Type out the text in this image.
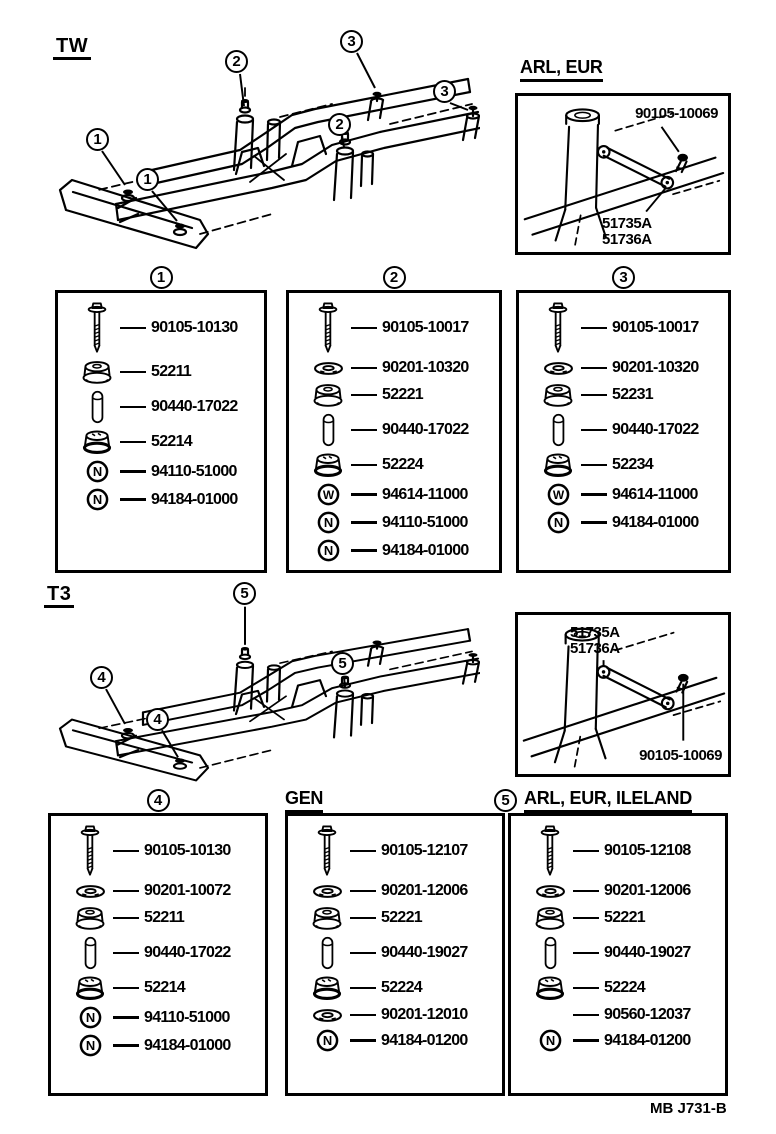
TW
1
1
2
2
3
3
ARL, EUR
90105-10069
51735A
51736A
T3
4
4
5
5
51735A
51736A
90105-10069
1
90105-10130
52211
90440-17022
52214
94110-51000
94184-01000
2
90105-10017
90201-10320
52221
90440-17022
52224
94614-11000
94110-51000
94184-01000
3
90105-10017
90201-10320
52231
90440-17022
52234
94614-11000
94184-01000
4
90105-10130
90201-10072
52211
90440-17022
52214
94110-51000
94184-01000
GEN
90105-12107
90201-12006
52221
90440-19027
52224
90201-12010
94184-01200
5 ARL, EUR, ILELAND
90105-12108
90201-12006
52221
90440-19027
52224
90560-12037
94184-01200
MB J731-B
